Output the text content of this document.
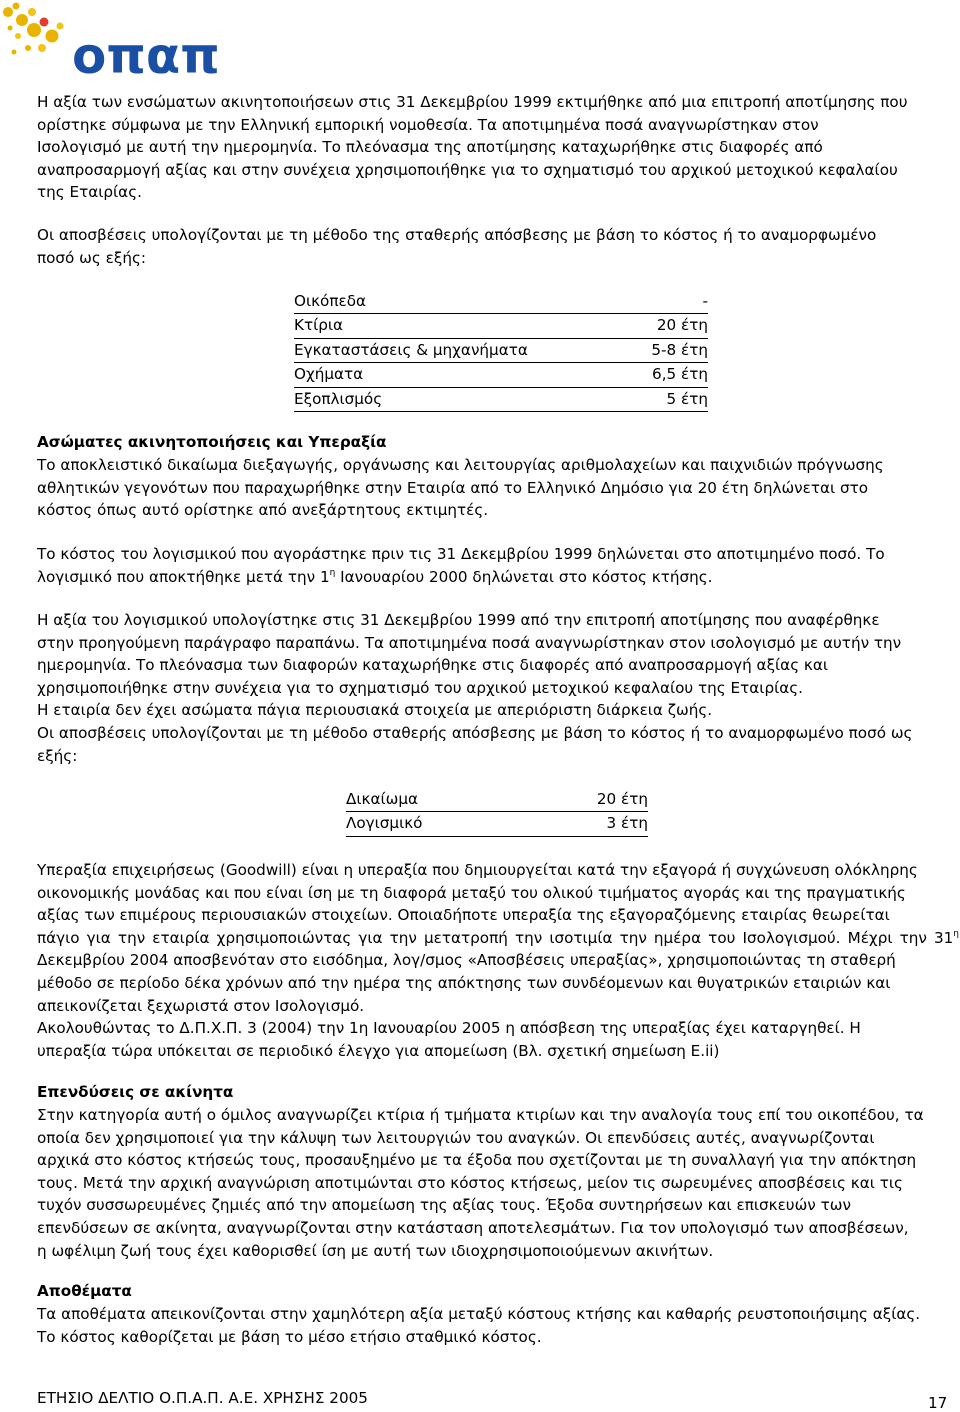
οπαπ
Η αξία των ενσώματων ακινητοποιήσεων στις 31 Δεκεμβρίου 1999 εκτιμήθηκε από μια επιτροπή αποτίμησης που
ορίστηκε σύμφωνα με την Ελληνική εμπορική νομοθεσία. Τα αποτιμημένα ποσά αναγνωρίστηκαν στον
Ισολογισμό με αυτή την ημερομηνία. Το πλεόνασμα της αποτίμησης καταχωρήθηκε στις διαφορές από
αναπροσαρμογή αξίας και στην συνέχεια χρησιμοποιήθηκε για το σχηματισμό του αρχικού μετοχικού κεφαλαίου
της Εταιρίας.
Οι αποσβέσεις υπολογίζονται με τη μέθοδο της σταθερής απόσβεσης με βάση το κόστος ή το αναμορφωμένο
ποσό ως εξής:
Οικόπεδα	-
Κτίρια	20 έτη
Εγκαταστάσεις & μηχανήματα	5-8 έτη
Οχήματα	6,5 έτη
Εξοπλισμός	5 έτη
Ασώματες ακινητοποιήσεις και Υπεραξία
Το αποκλειστικό δικαίωμα διεξαγωγής, οργάνωσης και λειτουργίας αριθμολαχείων και παιχνιδιών πρόγνωσης
αθλητικών γεγονότων που παραχωρήθηκε στην Εταιρία από το Ελληνικό Δημόσιο για 20 έτη δηλώνεται στο
κόστος όπως αυτό ορίστηκε από ανεξάρτητους εκτιμητές.
Το κόστος του λογισμικού που αγοράστηκε πριν τις 31 Δεκεμβρίου 1999 δηλώνεται στο αποτιμημένο ποσό. Το
λογισμικό που αποκτήθηκε μετά την $1^\eta$ Ιανουαρίου 2000 δηλώνεται στο κόστος κτήσης.
Η αξία του λογισμικού υπολογίστηκε στις 31 Δεκεμβρίου 1999 από την επιτροπή αποτίμησης που αναφέρθηκε
στην προηγούμενη παράγραφο παραπάνω. Τα αποτιμημένα ποσά αναγνωρίστηκαν στον ισολογισμό με αυτήν την
ημερομηνία. Το πλεόνασμα των διαφορών καταχωρήθηκε στις διαφορές από αναπροσαρμογή αξίας και
χρησιμοποιήθηκε στην συνέχεια για το σχηματισμό του αρχικού μετοχικού κεφαλαίου της Εταιρίας.
Η εταιρία δεν έχει ασώματα πάγια περιουσιακά στοιχεία με απεριόριστη διάρκεια ζωής.
Οι αποσβέσεις υπολογίζονται με τη μέθοδο σταθερής απόσβεσης με βάση το κόστος ή το αναμορφωμένο ποσό ως
εξής:
Δικαίωμα	20 έτη
Λογισμικό	3 έτη
Υπεραξία επιχειρήσεως (Goodwill) είναι η υπεραξία που δημιουργείται κατά την εξαγορά ή συγχώνευση ολόκληρης
οικονομικής μονάδας και που είναι ίση με τη διαφορά μεταξύ του ολικού τιμήματος αγοράς και της πραγματικής
αξίας των επιμέρους περιουσιακών στοιχείων. Οποιαδήποτε υπεραξία της εξαγοραζόμενης εταιρίας θεωρείται
πάγιο για την εταιρία χρησιμοποιώντας για την μετατροπή την ισοτιμία την ημέρα του Ισολογισμού. Μέχρι την $31^\eta$
Δεκεμβρίου 2004 αποσβενόταν στο εισόδημα, λογ/σμος «Αποσβέσεις υπεραξίας», χρησιμοποιώντας τη σταθερή
μέθοδο σε περίοδο δέκα χρόνων από την ημέρα της απόκτησης των συνδέομενων και θυγατρικών εταιριών και
απεικονίζεται ξεχωριστά στον Ισολογισμό.
Ακολουθώντας το Δ.Π.Χ.Π. 3 (2004) την 1η Ιανουαρίου 2005 η απόσβεση της υπεραξίας έχει καταργηθεί. Η
υπεραξία τώρα υπόκειται σε περιοδικό έλεγχο για απομείωση (Βλ. σχετική σημείωση Ε.ii)
Επενδύσεις σε ακίνητα
Στην κατηγορία αυτή ο όμιλος αναγνωρίζει κτίρια ή τμήματα κτιρίων και την αναλογία τους επί του οικοπέδου, τα
οποία δεν χρησιμοποιεί για την κάλυψη των λειτουργιών του αναγκών. Οι επενδύσεις αυτές, αναγνωρίζονται
αρχικά στο κόστος κτήσεώς τους, προσαυξημένο με τα έξοδα που σχετίζονται με τη συναλλαγή για την απόκτηση
τους. Μετά την αρχική αναγνώριση αποτιμώνται στο κόστος κτήσεως, μείον τις σωρευμένες αποσβέσεις και τις
τυχόν συσσωρευμένες ζημιές από την απομείωση της αξίας τους. Έξοδα συντηρήσεων και επισκευών των
επενδύσεων σε ακίνητα, αναγνωρίζονται στην κατάσταση αποτελεσμάτων. Για τον υπολογισμό των αποσβέσεων,
η ωφέλιμη ζωή τους έχει καθορισθεί ίση με αυτή των ιδιοχρησιμοποιούμενων ακινήτων.
Αποθέματα
Τα αποθέματα απεικονίζονται στην χαμηλότερη αξία μεταξύ κόστους κτήσης και καθαρής ρευστοποιήσιμης αξίας.
Το κόστος καθορίζεται με βάση το μέσο ετήσιο σταθμικό κόστος.
ΕΤΗΣΙΟ ΔΕΛΤΙΟ Ο.Π.Α.Π. Α.Ε. ΧΡΗΣΗΣ 2005	17
